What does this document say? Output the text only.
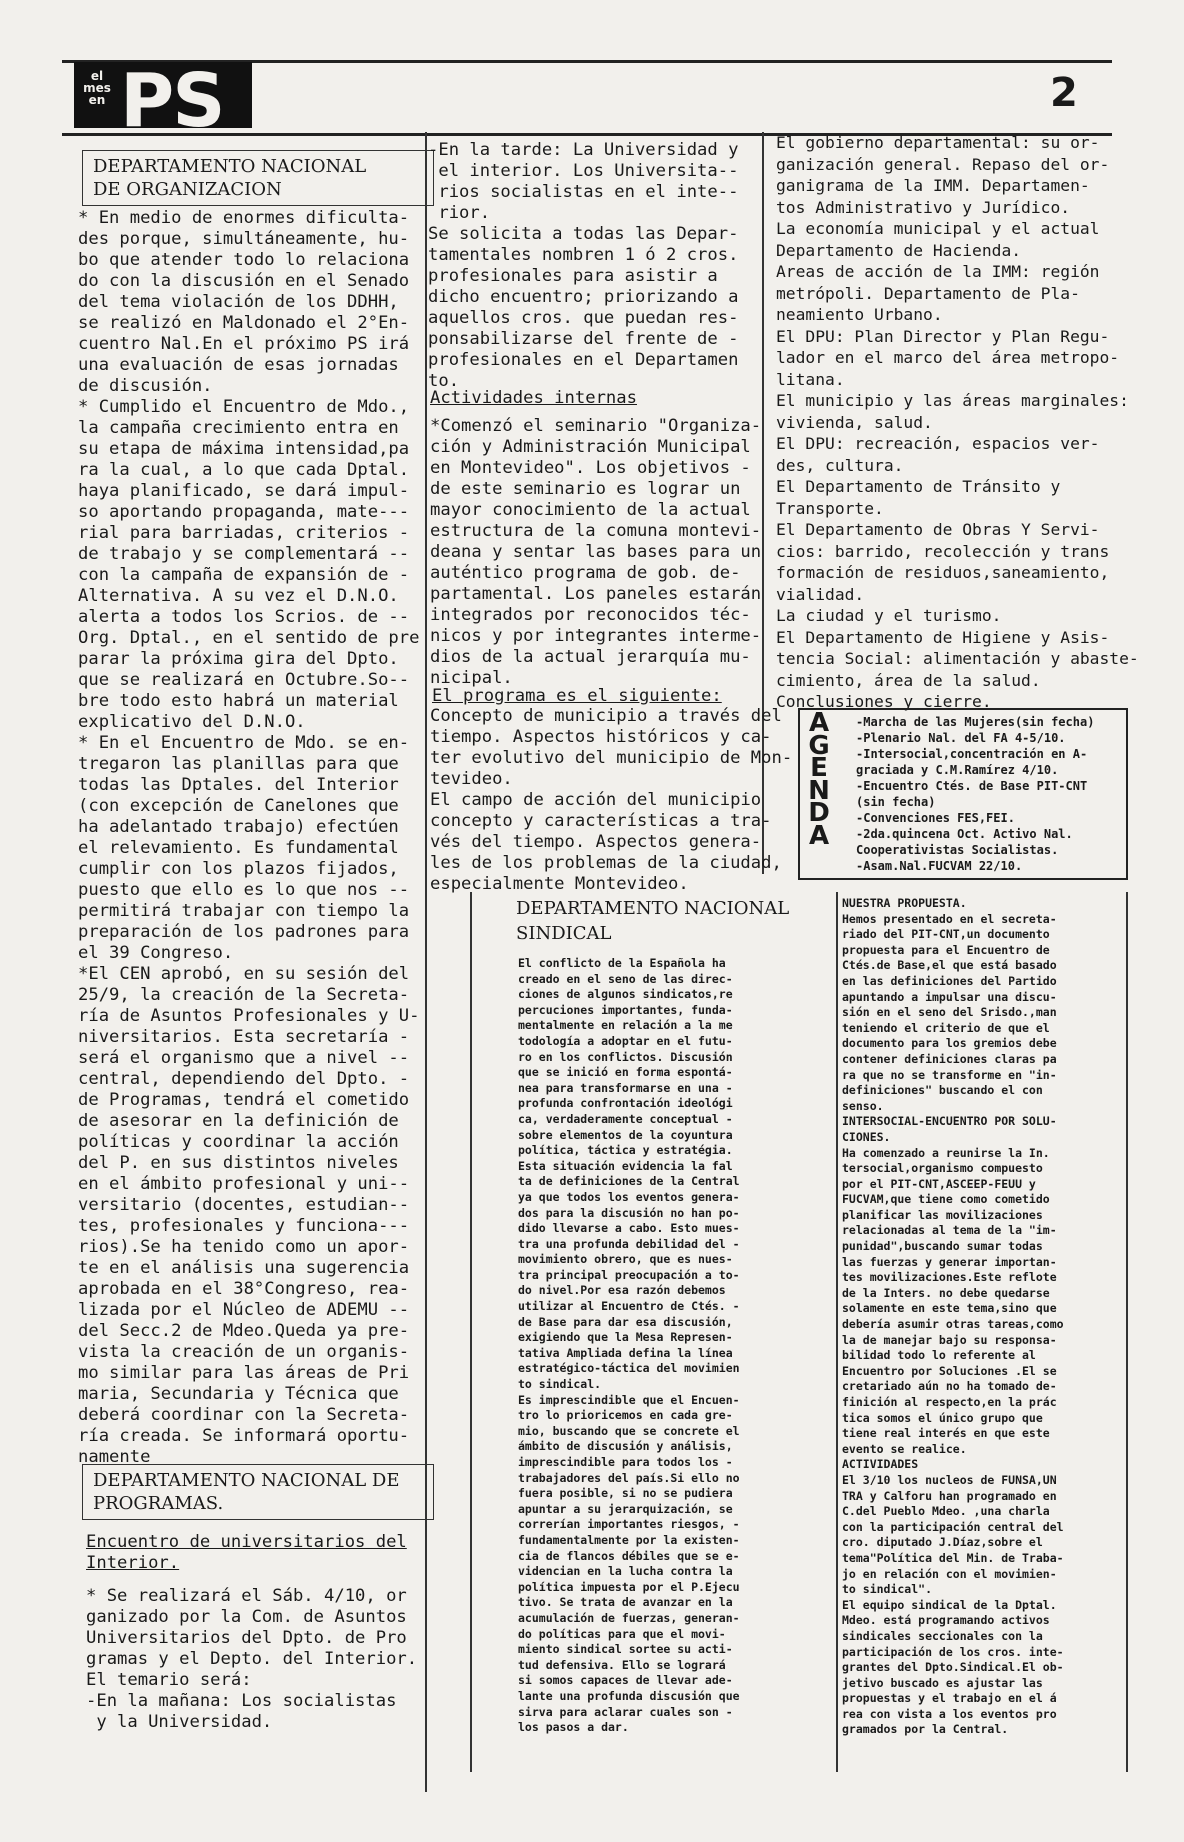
el
mes
en PS	2
DEPARTAMENTO NACIONAL
DE ORGANIZACION
* En medio de enormes dificulta-
des porque, simultáneamente, hu-
bo que atender todo lo relaciona
do con la discusión en el Senado
del tema violación de los DDHH,
se realizó en Maldonado el 2°En-
cuentro Nal.En el próximo PS irá
una evaluación de esas jornadas
de discusión.
* Cumplido el Encuentro de Mdo.,
la campaña crecimiento entra en
su etapa de máxima intensidad,pa
ra la cual, a lo que cada Dptal.
haya planificado, se dará impul-
so aportando propaganda, mate---
rial para barriadas, criterios -
de trabajo y se complementará --
con la campaña de expansión de -
Alternativa. A su vez el D.N.O.
alerta a todos los Scrios. de --
Org. Dptal., en el sentido de pre
parar la próxima gira del Dpto.
que se realizará en Octubre.So--
bre todo esto habrá un material
explicativo del D.N.O.
* En el Encuentro de Mdo. se en-
tregaron las planillas para que
todas las Dptales. del Interior
(con excepción de Canelones que
ha adelantado trabajo) efectúen
el relevamiento. Es fundamental
cumplir con los plazos fijados,
puesto que ello es lo que nos --
permitirá trabajar con tiempo la
preparación de los padrones para
el 39 Congreso.
*El CEN aprobó, en su sesión del
25/9, la creación de la Secreta-
ría de Asuntos Profesionales y U-
niversitarios. Esta secretaría -
será el organismo que a nivel --
central, dependiendo del Dpto. -
de Programas, tendrá el cometido
de asesorar en la definición de
políticas y coordinar la acción
del P. en sus distintos niveles
en el ámbito profesional y uni--
versitario (docentes, estudian--
tes, profesionales y funciona---
rios).Se ha tenido como un apor-
te en el análisis una sugerencia
aprobada en el 38°Congreso, rea-
lizada por el Núcleo de ADEMU --
del Secc.2 de Mdeo.Queda ya pre-
vista la creación de un organis-
mo similar para las áreas de Pri
maria, Secundaria y Técnica que
deberá coordinar con la Secreta-
ría creada. Se informará oportu-
namente
DEPARTAMENTO NACIONAL DE
PROGRAMAS.
Encuentro de universitarios del
Interior.
* Se realizará el Sáb. 4/10, or
ganizado por la Com. de Asuntos
Universitarios del Dpto. de Pro
gramas y el Depto. del Interior.
El temario será:
-En la mañana: Los socialistas
y la Universidad.
-En la tarde: La Universidad y
el interior. Los Universita--
rios socialistas en el inte--
rior.
Se solicita a todas las Depar-
tamentales nombren 1 ó 2 cros.
profesionales para asistir a
dicho encuentro; priorizando a
aquellos cros. que puedan res-
ponsabilizarse del frente de -
profesionales en el Departamen
to.
Actividades internas
*Comenzó el seminario "Organiza-
ción y Administración Municipal
en Montevideo". Los objetivos -
de este seminario es lograr un
mayor conocimiento de la actual
estructura de la comuna montevi-
deana y sentar las bases para un
auténtico programa de gob. de-
partamental. Los paneles estarán
integrados por reconocidos téc-
nicos y por integrantes interme-
dios de la actual jerarquía mu-
nicipal.
El programa es el siguiente:
Concepto de municipio a través del
tiempo. Aspectos históricos y ca-
ter evolutivo del municipio de Mon-
tevideo.
El campo de acción del municipio
concepto y características a tra-
vés del tiempo. Aspectos genera-
les de los problemas de la ciudad,
especialmente Montevideo.
El gobierno departamental: su or-
ganización general. Repaso del or-
ganigrama de la IMM. Departamen-
tos Administrativo y Jurídico.
La economía municipal y el actual
Departamento de Hacienda.
Areas de acción de la IMM: región
metrópoli. Departamento de Pla-
neamiento Urbano.
El DPU: Plan Director y Plan Regu-
lador en el marco del área metropo-
litana.
El municipio y las áreas marginales:
vivienda, salud.
El DPU: recreación, espacios ver-
des, cultura.
El Departamento de Tránsito y
Transporte.
El Departamento de Obras Y Servi-
cios: barrido, recolección y trans
formación de residuos,saneamiento,
vialidad.
La ciudad y el turismo.
El Departamento de Higiene y Asis-
tencia Social: alimentación y abaste-
cimiento, área de la salud.
Conclusiones y cierre.
A
G
E
N
D
A
-Marcha de las Mujeres(sin fecha)
-Plenario Nal. del FA 4-5/10.
-Intersocial,concentración en A-
graciada y C.M.Ramírez 4/10.
-Encuentro Ctés. de Base PIT-CNT
(sin fecha)
-Convenciones FES,FEI.
-2da.quincena Oct. Activo Nal.
Cooperativistas Socialistas.
-Asam.Nal.FUCVAM 22/10.
DEPARTAMENTO NACIONAL
SINDICAL
El conflicto de la Española ha
creado en el seno de las direc-
ciones de algunos sindicatos,re
percuciones importantes, funda-
mentalmente en relación a la me
todología a adoptar en el futu-
ro en los conflictos. Discusión
que se inició en forma espontá-
nea para transformarse en una -
profunda confrontación ideológi
ca, verdaderamente conceptual -
sobre elementos de la coyuntura
política, táctica y estratégia.
Esta situación evidencia la fal
ta de definiciones de la Central
ya que todos los eventos genera-
dos para la discusión no han po-
dido llevarse a cabo. Esto mues-
tra una profunda debilidad del -
movimiento obrero, que es nues-
tra principal preocupación a to-
do nivel.Por esa razón debemos
utilizar al Encuentro de Ctés. -
de Base para dar esa discusión,
exigiendo que la Mesa Represen-
tativa Ampliada defina la línea
estratégico-táctica del movimien
to sindical.
Es imprescindible que el Encuen-
tro lo prioricemos en cada gre-
mio, buscando que se concrete el
ámbito de discusión y análisis,
imprescindible para todos los -
trabajadores del país.Si ello no
fuera posible, si no se pudiera
apuntar a su jerarquización, se
correrían importantes riesgos, -
fundamentalmente por la existen-
cia de flancos débiles que se e-
videncian en la lucha contra la
política impuesta por el P.Ejecu
tivo. Se trata de avanzar en la
acumulación de fuerzas, generan-
do políticas para que el movi-
miento sindical sortee su acti-
tud defensiva. Ello se logrará
si somos capaces de llevar ade-
lante una profunda discusión que
sirva para aclarar cuales son -
los pasos a dar.
NUESTRA PROPUESTA.
Hemos presentado en el secreta-
riado del PIT-CNT,un documento
propuesta para el Encuentro de
Ctés.de Base,el que está basado
en las definiciones del Partido
apuntando a impulsar una discu-
sión en el seno del Srisdo.,man
teniendo el criterio de que el
documento para los gremios debe
contener definiciones claras pa
ra que no se transforme en "in-
definiciones" buscando el con
senso.
INTERSOCIAL-ENCUENTRO POR SOLU-
CIONES.
Ha comenzado a reunirse la In.
tersocial,organismo compuesto
por el PIT-CNT,ASCEEP-FEUU y
FUCVAM,que tiene como cometido
planificar las movilizaciones
relacionadas al tema de la "im-
punidad",buscando sumar todas
las fuerzas y generar importan-
tes movilizaciones.Este reflote
de la Inters. no debe quedarse
solamente en este tema,sino que
debería asumir otras tareas,como
la de manejar bajo su responsa-
bilidad todo lo referente al
Encuentro por Soluciones .El se
cretariado aún no ha tomado de-
finición al respecto,en la prác
tica somos el único grupo que
tiene real interés en que este
evento se realice.
ACTIVIDADES
El 3/10 los nucleos de FUNSA,UN
TRA y Calforu han programado en
C.del Pueblo Mdeo. ,una charla
con la participación central del
cro. diputado J.Díaz,sobre el
tema"Política del Min. de Traba-
jo en relación con el movimien-
to sindical".
El equipo sindical de la Dptal.
Mdeo. está programando activos
sindicales seccionales con la
participación de los cros. inte-
grantes del Dpto.Sindical.El ob-
jetivo buscado es ajustar las
propuestas y el trabajo en el á
rea con vista a los eventos pro
gramados por la Central.
